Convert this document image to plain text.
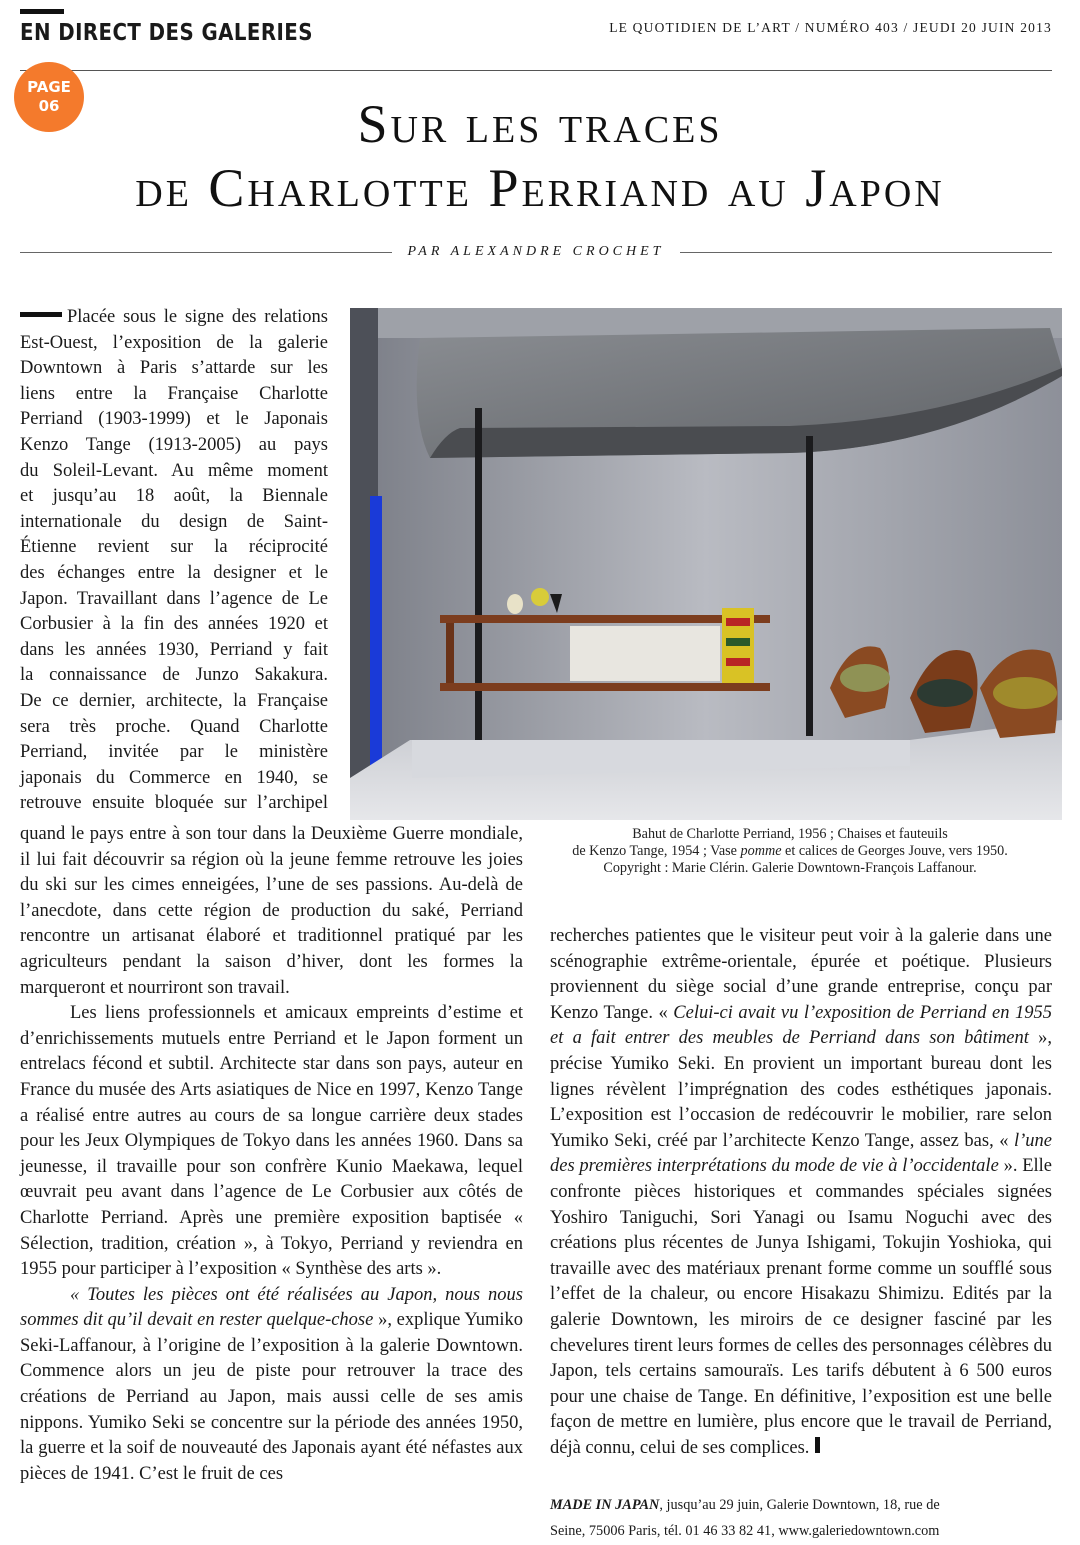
EN DIRECT DES GALERIES	LE QUOTIDIEN DE L’ART / NUMÉRO 403 / JEUDI 20 JUIN 2013
PAGE
06	Sur les traces
de Charlotte Perriand au Japon
PAR ALEXANDRE CROCHET
Bahut de Charlotte Perriand, 1956 ; Chaises et fauteuils
de Kenzo Tange, 1954 ; Vase pomme et calices de Georges Jouve, vers 1950.
Copyright : Marie Clérin. Galerie Downtown-François Laffanour.
Placée sous le signe des relations
Est-Ouest, l’exposition de la galerie
Downtown à Paris s’attarde sur les
liens entre la Française Charlotte
Perriand (1903-1999) et le Japonais
Kenzo Tange (1913-2005) au pays
du Soleil-Levant. Au même moment
et jusqu’au 18 août, la Biennale
internationale du design de Saint-
Étienne revient sur la réciprocité
des échanges entre la designer et le
Japon. Travaillant dans l’agence de Le
Corbusier à la fin des années 1920 et
dans les années 1930, Perriand y fait
la connaissance de Junzo Sakakura.
De ce dernier, architecte, la Française
sera très proche. Quand Charlotte
Perriand, invitée par le ministère
japonais du Commerce en 1940, se
retrouve ensuite bloquée sur l’archipel

quand le pays entre à son tour dans la Deuxième Guerre mondiale, il lui fait découvrir sa région où la jeune femme retrouve les joies du ski sur les cimes enneigées, l’une de ses passions. Au-delà de l’anecdote, dans cette région de production du saké, Perriand rencontre un artisanat élaboré et traditionnel pratiqué par les agriculteurs pendant la saison d’hiver, dont les formes la marqueront et nourriront son travail.

Les liens professionnels et amicaux empreints d’estime et d’enrichissements mutuels entre Perriand et le Japon forment un entrelacs fécond et subtil. Architecte star dans son pays, auteur en France du musée des Arts asiatiques de Nice en 1997, Kenzo Tange a réalisé entre autres au cours de sa longue carrière deux stades pour les Jeux Olympiques de Tokyo dans les années 1960. Dans sa jeunesse, il travaille pour son confrère Kunio Maekawa, lequel œuvrait peu avant dans l’agence de Le Corbusier aux côtés de Charlotte Perriand. Après une première exposition baptisée « Sélection, tradition, création », à Tokyo, Perriand y reviendra en 1955 pour participer à l’exposition « Synthèse des arts ».

« Toutes les pièces ont été réalisées au Japon, nous nous sommes dit qu’il devait en rester quelque-chose », explique Yumiko Seki-Laffanour, à l’origine de l’exposition à la galerie Downtown. Commence alors un jeu de piste pour retrouver la trace des créations de Perriand au Japon, mais aussi celle de ses amis nippons. Yumiko Seki se concentre sur la période des années 1950, la guerre et la soif de nouveauté des Japonais ayant été néfastes aux pièces de 1941. C’est le fruit de ces

recherches patientes que le visiteur peut voir à la galerie dans une scénographie extrême-orientale, épurée et poétique. Plusieurs proviennent du siège social d’une grande entreprise, conçu par Kenzo Tange. « Celui-ci avait vu l’exposition de Perriand en 1955 et a fait entrer des meubles de Perriand dans son bâtiment », précise Yumiko Seki. En provient un important bureau dont les lignes révèlent l’imprégnation des codes esthétiques japonais. L’exposition est l’occasion de redécouvrir le mobilier, rare selon Yumiko Seki, créé par l’architecte Kenzo Tange, assez bas, « l’une des premières interprétations du mode de vie à l’occidentale ». Elle confronte pièces historiques et commandes spéciales signées Yoshiro Taniguchi, Sori Yanagi ou Isamu Noguchi avec des créations plus récentes de Junya Ishigami, Tokujin Yoshioka, qui travaille avec des matériaux prenant forme comme un soufflé sous l’effet de la chaleur, ou encore Hisakazu Shimizu. Edités par la galerie Downtown, les miroirs de ce designer fasciné par les chevelures tirent leurs formes de celles des personnages célèbres du Japon, tels certains samouraïs. Les tarifs débutent à 6 500 euros pour une chaise de Tange. En définitive, l’exposition est une belle façon de mettre en lumière, plus encore que le travail de Perriand, déjà connu, celui de ses complices.

MADE IN JAPAN, jusqu’au 29 juin, Galerie Downtown, 18, rue de
Seine, 75006 Paris, tél. 01 46 33 82 41, www.galeriedowntown.com
